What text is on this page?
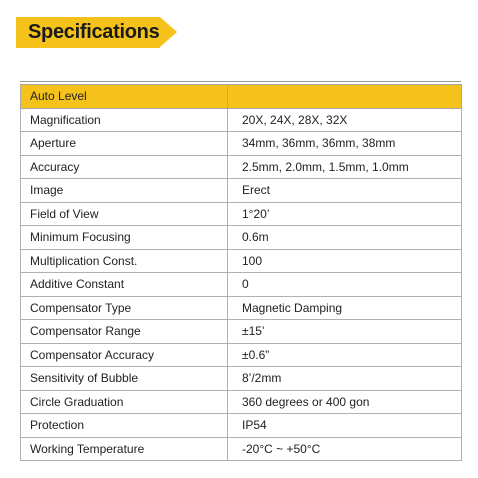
Specifications
Auto Level	
Magnification	20X, 24X, 28X, 32X
Aperture	34mm, 36mm, 36mm, 38mm
Accuracy	2.5mm, 2.0mm, 1.5mm, 1.0mm
Image	Erect
Field of View	1°20’
Minimum Focusing	0.6m
Multiplication Const.	100
Additive Constant	0
Compensator Type	Magnetic Damping
Compensator Range	±15’
Compensator Accuracy	±0.6”
Sensitivity of Bubble	8’/2mm
Circle Graduation	360 degrees or 400 gon
Protection	IP54
Working Temperature	-20°C ~ +50°C
